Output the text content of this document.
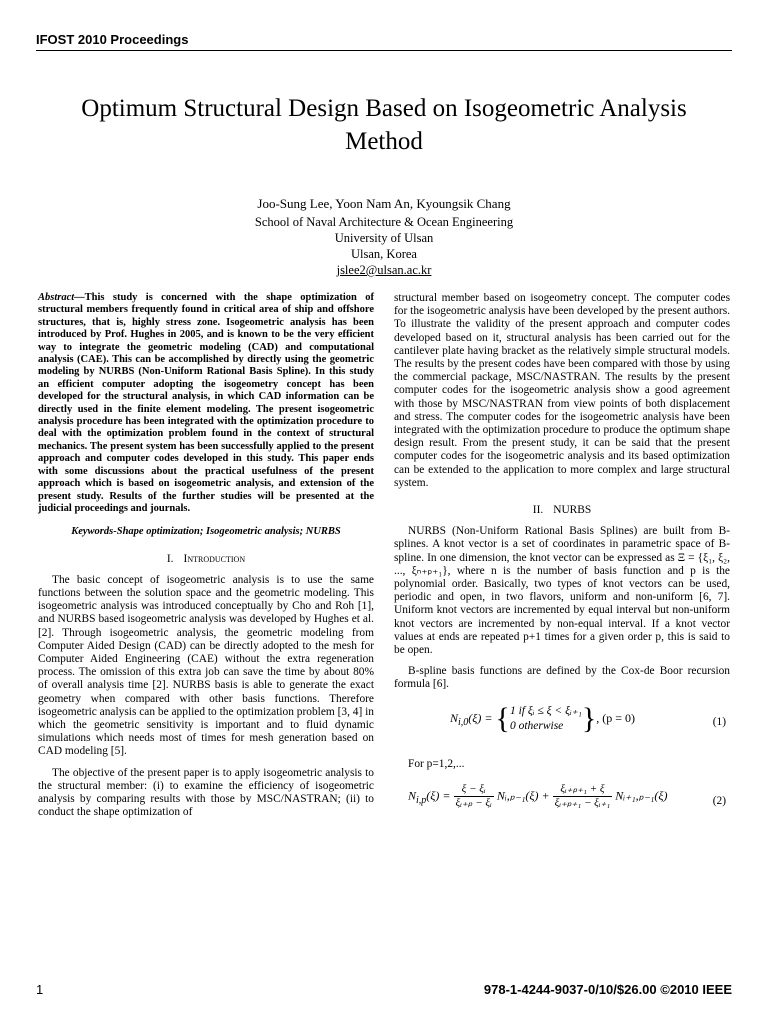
IFOST 2010 Proceedings
Optimum Structural Design Based on Isogeometric Analysis Method
Joo-Sung Lee, Yoon Nam An, Kyoungsik Chang
School of Naval Architecture & Ocean Engineering
University of Ulsan
Ulsan, Korea
jslee2@ulsan.ac.kr
Abstract—This study is concerned with the shape optimization of structural members frequently found in critical area of ship and offshore structures, that is, highly stress zone. Isogeometric analysis has been introduced by Prof. Hughes in 2005, and is known to be the very efficient way to integrate the geometric modeling (CAD) and computational analysis (CAE). This can be accomplished by directly using the geometric modeling by NURBS (Non-Uniform Rational Basis Spline). In this study an efficient computer adopting the isogeometry concept has been developed for the structural analysis, in which CAD information can be directly used in the finite element modeling. The present isogeometric analysis procedure has been integrated with the optimization procedure to deal with the optimization problem found in the context of structural mechanics. The present system has been successfully applied to the present approach and computer codes developed in this study. This paper ends with some discussions about the practical usefulness of the present approach which is based on isogeometric analysis, and extension of the present study. Results of the further studies will be presented at the judicial proceedings and journals.
Keywords-Shape optimization; Isogeometric analysis; NURBS
I. Introduction

The basic concept of isogeometric analysis is to use the same functions between the solution space and the geometric modeling. This isogeometric analysis was introduced conceptually by Cho and Roh [1], and NURBS based isogeometric analysis was developed by Hughes et al. [2]. Through isogeometric analysis, the geometric modeling from Computer Aided Design (CAD) can be directly adopted to the mesh for Computer Aided Engineering (CAE) without the extra regeneration process. The omission of this extra job can save the time by about 80% of overall analysis time [2]. NURBS basis is able to generate the exact geometry when compared with other basis functions. Therefore isogeometric analysis can be applied to the optimization problem [3, 4] in which the geometric sensitivity is important and to fluid dynamic simulations which needs most of times for mesh generation based on CAD modeling [5].

The objective of the present paper is to apply isogeometric analysis to the structural member: (i) to examine the efficiency of isogeometric analysis by comparing results with those by MSC/NASTRAN; (ii) to conduct the shape optimization of

structural member based on isogeometry concept. The computer codes for the isogeometric analysis have been developed by the present authors. To illustrate the validity of the present approach and computer codes developed based on it, structural analysis has been carried out for the cantilever plate having bracket as the relatively simple structural models. The results by the present codes have been compared with those by using the commercial package, MSC/NASTRAN. The results by the present computer codes for the isogeometric analysis show a good agreement with those by MSC/NASTRAN from view points of both displacement and stress. The computer codes for the isogeometric analysis have been integrated with the optimization procedure to produce the optimum shape design result. From the present study, it can be said that the present computer codes for the isogeometric analysis and its based optimization can be extended to the application to more complex and large structural system.

II. NURBS

NURBS (Non-Uniform Rational Basis Splines) are built from B-splines. A knot vector is a set of coordinates in parametric space of B-spline. In one dimension, the knot vector can be expressed as Ξ = {ξ₁, ξ₂, ..., ξₙ₊ₚ₊₁}, where n is the number of basis function and p is the polynomial order. Basically, two types of knot vectors can be used, periodic and open, in two flavors, uniform and non-uniform [6, 7]. Uniform knot vectors are incremented by equal interval but non-uniform knot vectors are incremented by non-equal interval. If a knot vector values at ends are repeated p+1 times for a given order p, this is said to be open.

B-spline basis functions are defined by the Cox-de Boor recursion formula [6].

$N_{i,0}(\xi)$ = { 1 if ξᵢ ≤ ξ < ξᵢ₊₁
0 otherwise }, (p = 0)	(1)

For p=1,2,...

$N_{i,p}(\xi) = \frac{\text{ξ − ξᵢ}}{\text{ξᵢ₊ₚ − ξᵢ}}$ Nᵢ,ₚ₋₁(ξ) + $\frac{\text{ξᵢ₊ₚ₊₁ + ξ}}{\text{ξᵢ₊ₚ₊₁ − ξᵢ₊₁}}$ Nᵢ₊₁,ₚ₋₁(ξ)	(2)
1	978-1-4244-9037-0/10/$26.00 ©2010 IEEE
